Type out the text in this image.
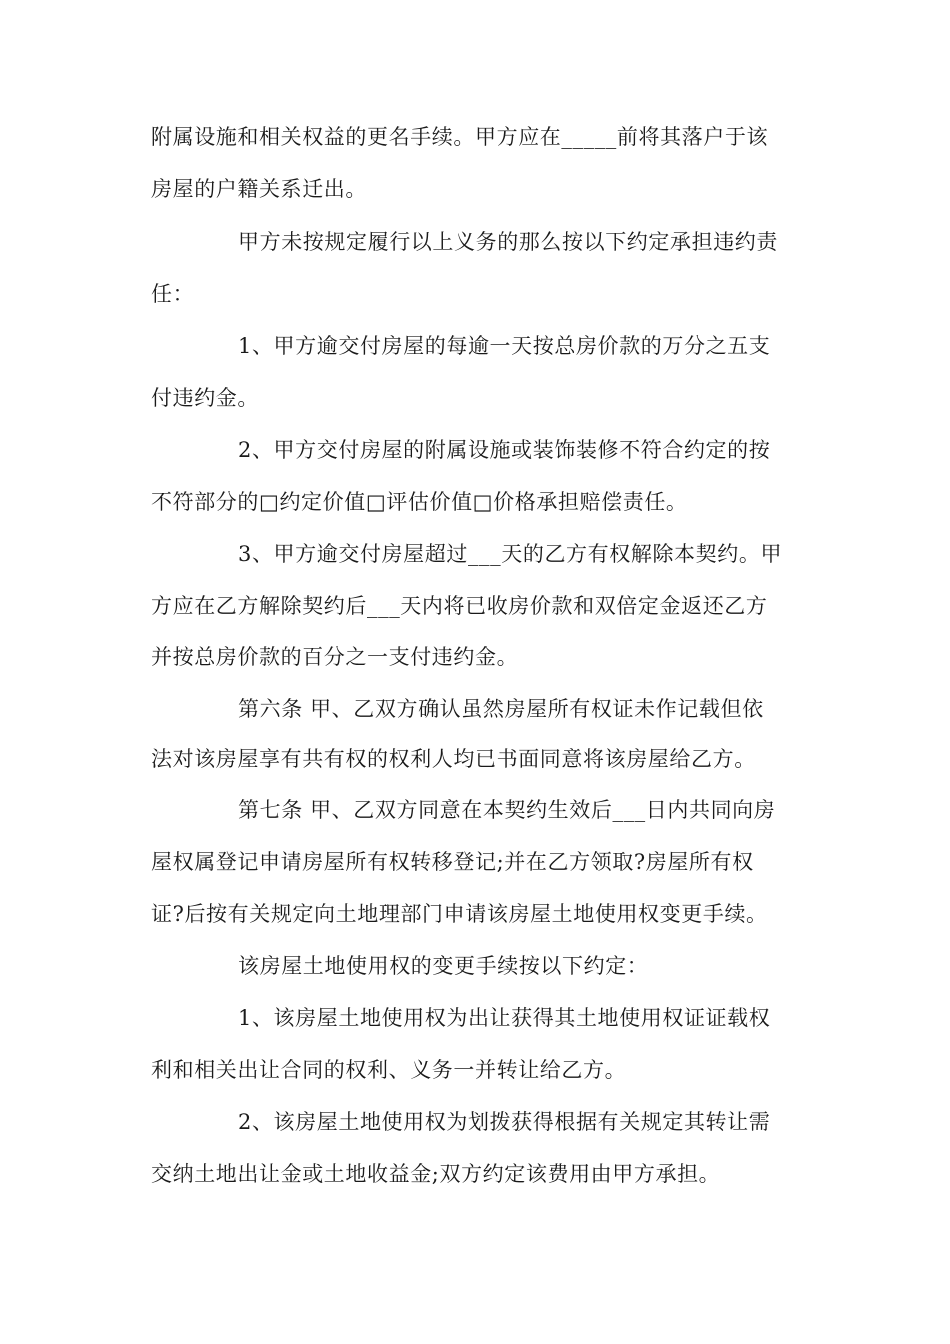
附属设施和相关权益的更名手续。甲方应在_____前将其落户于该

房屋的户籍关系迁出。

甲方未按规定履行以上义务的那么按以下约定承担违约责

任：

1、甲方逾交付房屋的每逾一天按总房价款的万分之五支

付违约金。

2、甲方交付房屋的附属设施或装饰装修不符合约定的按

不符部分的□约定价值□评估价值□价格承担赔偿责任。

3、甲方逾交付房屋超过___天的乙方有权解除本契约。甲

方应在乙方解除契约后___天内将已收房价款和双倍定金返还乙方

并按总房价款的百分之一支付违约金。

第六条 甲、乙双方确认虽然房屋所有权证未作记载但依

法对该房屋享有共有权的权利人均已书面同意将该房屋给乙方。

第七条 甲、乙双方同意在本契约生效后___日内共同向房

屋权属登记申请房屋所有权转移登记;并在乙方领取?房屋所有权

证?后按有关规定向土地理部门申请该房屋土地使用权变更手续。

该房屋土地使用权的变更手续按以下约定：

1、该房屋土地使用权为出让获得其土地使用权证证载权

利和相关出让合同的权利、义务一并转让给乙方。

2、该房屋土地使用权为划拨获得根据有关规定其转让需

交纳土地出让金或土地收益金;双方约定该费用由甲方承担。
